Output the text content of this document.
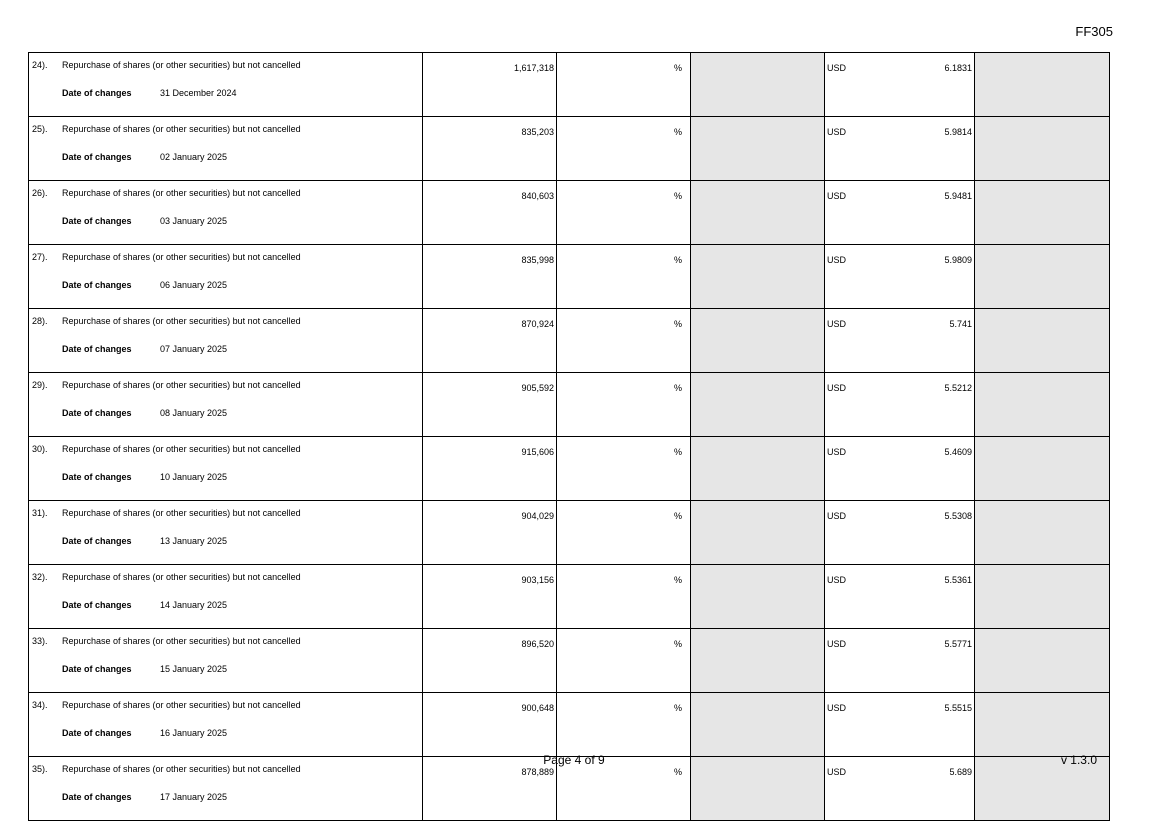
FF305
24). Repurchase of shares (or other securities) but not cancelled
Date of changes 31 December 2024	1,617,318	%		USD 6.1831	

25). Repurchase of shares (or other securities) but not cancelled
Date of changes 02 January 2025	835,203	%		USD 5.9814	

26). Repurchase of shares (or other securities) but not cancelled
Date of changes 03 January 2025	840,603	%		USD 5.9481	

27). Repurchase of shares (or other securities) but not cancelled
Date of changes 06 January 2025	835,998	%		USD 5.9809	

28). Repurchase of shares (or other securities) but not cancelled
Date of changes 07 January 2025	870,924	%		USD 5.741	

29). Repurchase of shares (or other securities) but not cancelled
Date of changes 08 January 2025	905,592	%		USD 5.5212	

30). Repurchase of shares (or other securities) but not cancelled
Date of changes 10 January 2025	915,606	%		USD 5.4609	

31). Repurchase of shares (or other securities) but not cancelled
Date of changes 13 January 2025	904,029	%		USD 5.5308	

32). Repurchase of shares (or other securities) but not cancelled
Date of changes 14 January 2025	903,156	%		USD 5.5361	

33). Repurchase of shares (or other securities) but not cancelled
Date of changes 15 January 2025	896,520	%		USD 5.5771	

34). Repurchase of shares (or other securities) but not cancelled
Date of changes 16 January 2025	900,648	%		USD 5.5515	

35). Repurchase of shares (or other securities) but not cancelled
Date of changes 17 January 2025	878,889	%		USD 5.689	

Page 4 of 9	v 1.3.0
